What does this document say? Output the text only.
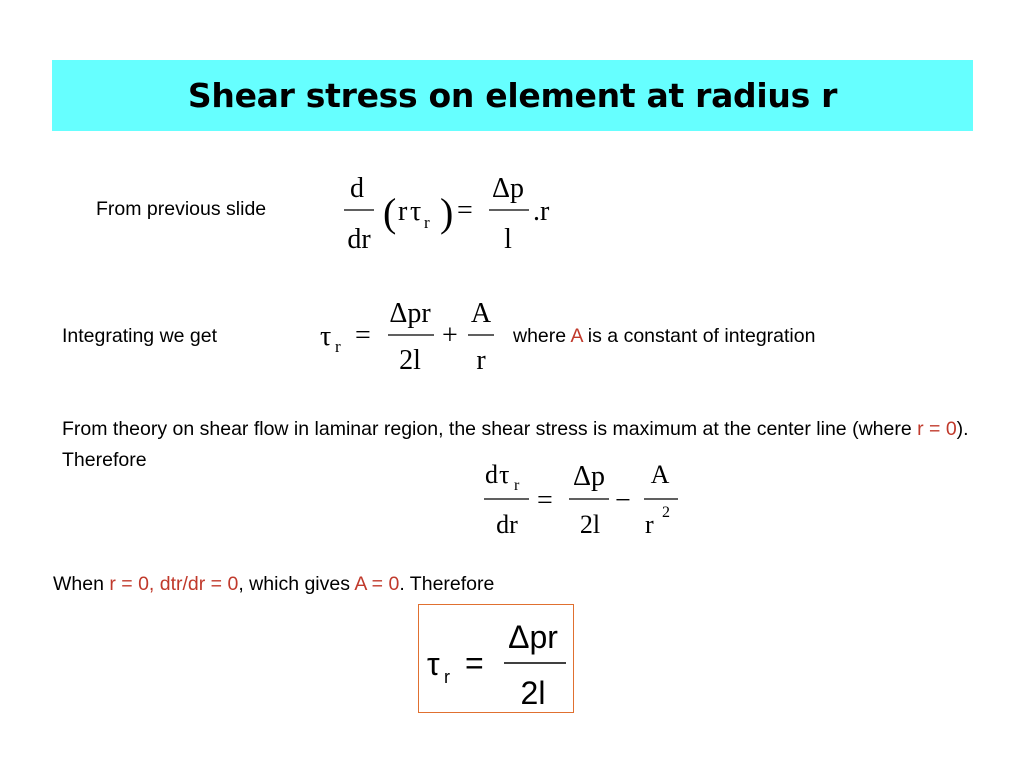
Shear stress on element at radius r
From previous slide
d
dr
( r τ r ) =
Δp
l
.r
Integrating we get	τ r =
Δpr
2l
+
A
r
where A is a constant of integration
From theory on shear flow in laminar region, the shear stress is maximum at the center line (where r = 0). Therefore	d τ r
dr
=
Δp
2l
−
A
r 2
When r = 0, dtr/dr = 0, which gives A = 0. Therefore
τ r =
Δpr
2l
